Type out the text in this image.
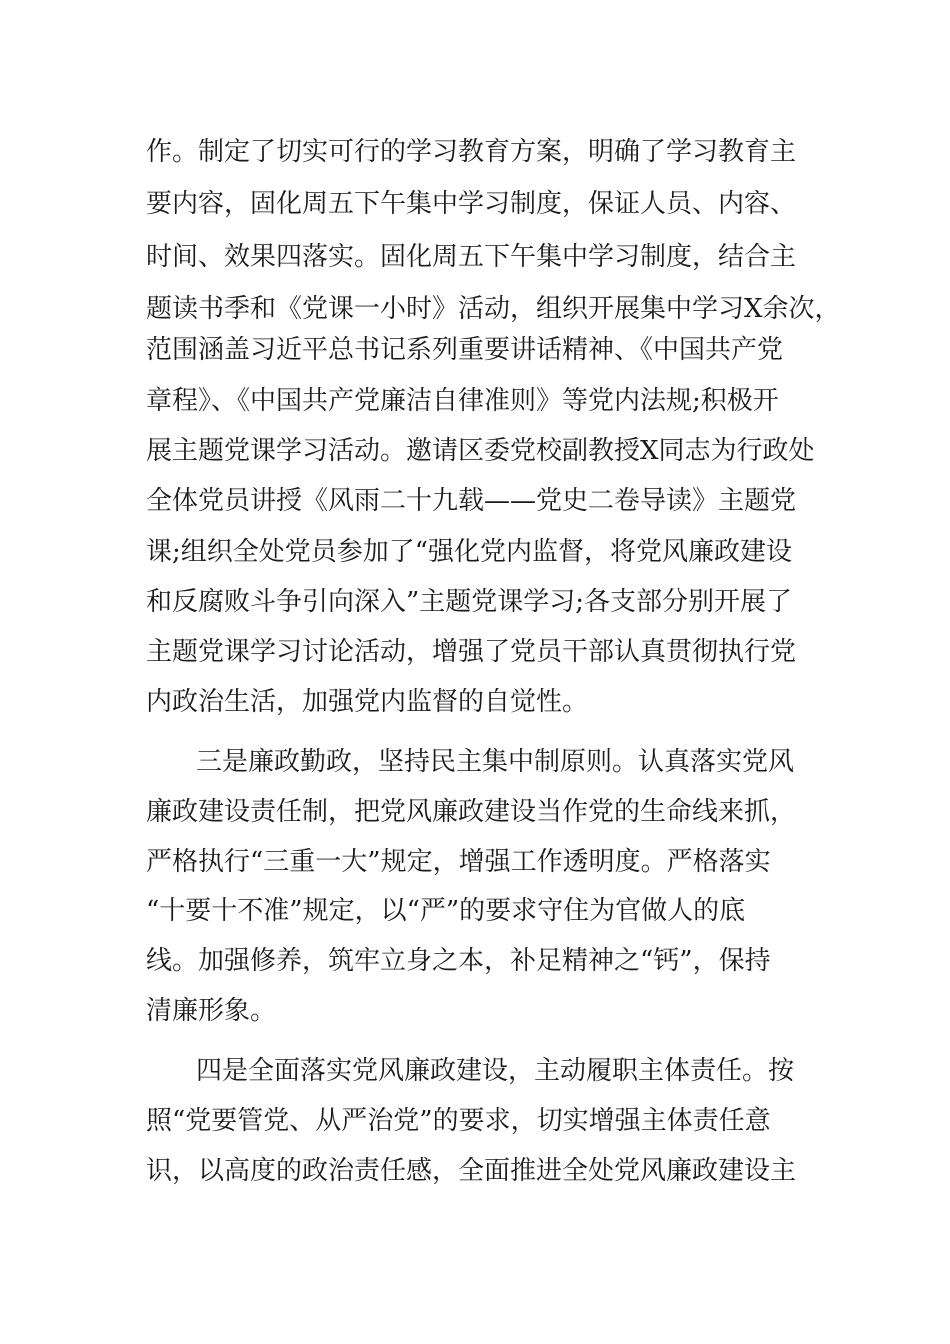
作。制定了切实可行的学习教育方案，明确了学习教育主
要内容，固化周五下午集中学习制度，保证人员、内容、
时间、效果四落实。固化周五下午集中学习制度，结合主
题读书季和《党课一小时》活动，组织开展集中学习X余次，
范围涵盖习近平总书记系列重要讲话精神、《中国共产党
章程》、《中国共产党廉洁自律准则》等党内法规;积极开
展主题党课学习活动。邀请区委党校副教授X同志为行政处
全体党员讲授《风雨二十九载——党史二卷导读》主题党
课;组织全处党员参加了“强化党内监督，将党风廉政建设
和反腐败斗争引向深入”主题党课学习;各支部分别开展了
主题党课学习讨论活动，增强了党员干部认真贯彻执行党
内政治生活，加强党内监督的自觉性。
三是廉政勤政，坚持民主集中制原则。认真落实党风
廉政建设责任制，把党风廉政建设当作党的生命线来抓，
严格执行“三重一大”规定，增强工作透明度。严格落实
“十要十不准”规定，以“严”的要求守住为官做人的底
线。加强修养，筑牢立身之本，补足精神之“钙”，保持
清廉形象。
四是全面落实党风廉政建设，主动履职主体责任。按
照“党要管党、从严治党”的要求，切实增强主体责任意
识，以高度的政治责任感，全面推进全处党风廉政建设主
